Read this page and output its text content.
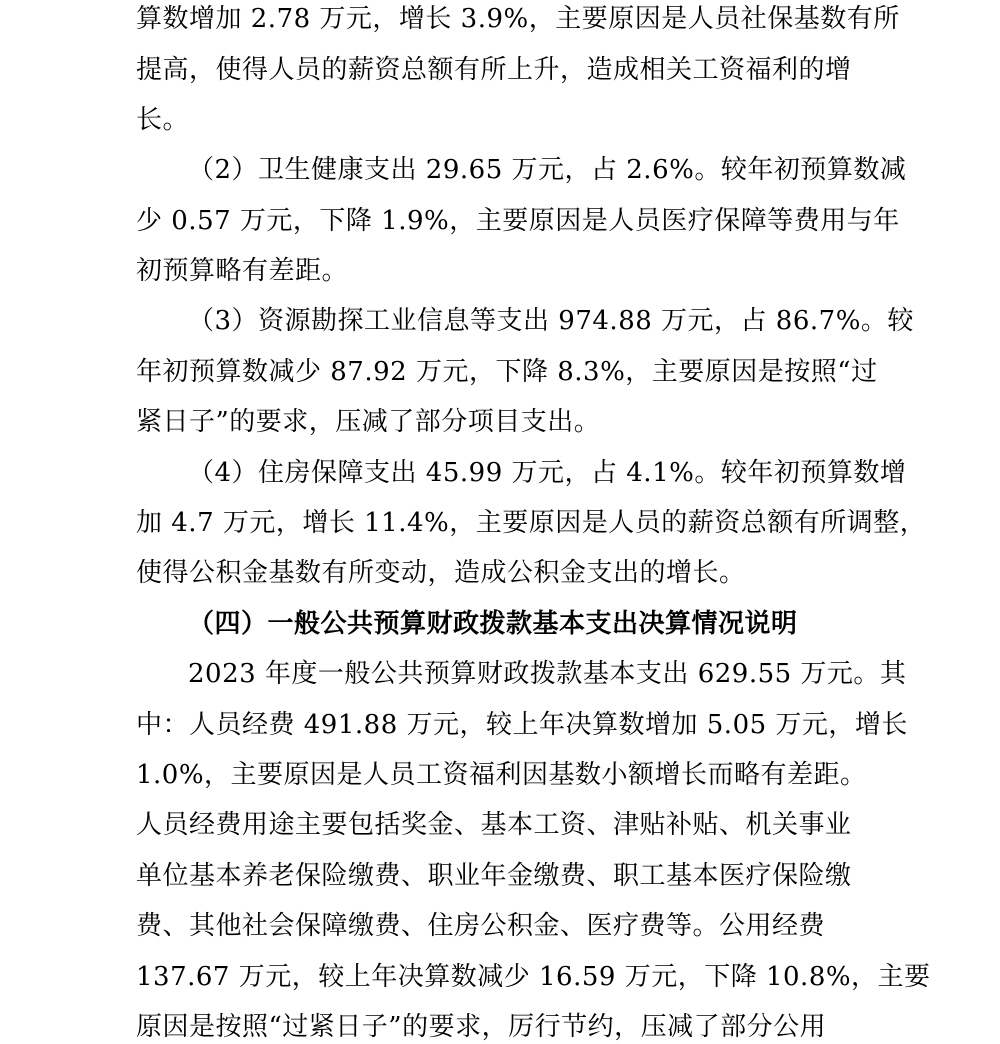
算数增加 2.78 万元，增长 3.9%，主要原因是人员社保基数有所
提高，使得人员的薪资总额有所上升，造成相关工资福利的增
长。
（2）卫生健康支出 29.65 万元，占 2.6%。较年初预算数减
少 0.57 万元，下降 1.9%，主要原因是人员医疗保障等费用与年
初预算略有差距。
（3）资源勘探工业信息等支出 974.88 万元，占 86.7%。较
年初预算数减少 87.92 万元，下降 8.3%，主要原因是按照“过
紧日子”的要求，压减了部分项目支出。
（4）住房保障支出 45.99 万元，占 4.1%。较年初预算数增
加 4.7 万元，增长 11.4%，主要原因是人员的薪资总额有所调整，
使得公积金基数有所变动，造成公积金支出的增长。
（四）一般公共预算财政拨款基本支出决算情况说明
2023 年度一般公共预算财政拨款基本支出 629.55 万元。其
中：人员经费 491.88 万元，较上年决算数增加 5.05 万元，增长
1.0%，主要原因是人员工资福利因基数小额增长而略有差距。
人员经费用途主要包括奖金、基本工资、津贴补贴、机关事业
单位基本养老保险缴费、职业年金缴费、职工基本医疗保险缴
费、其他社会保障缴费、住房公积金、医疗费等。公用经费
137.67 万元，较上年决算数减少 16.59 万元，下降 10.8%，主要
原因是按照“过紧日子”的要求，厉行节约，压减了部分公用
